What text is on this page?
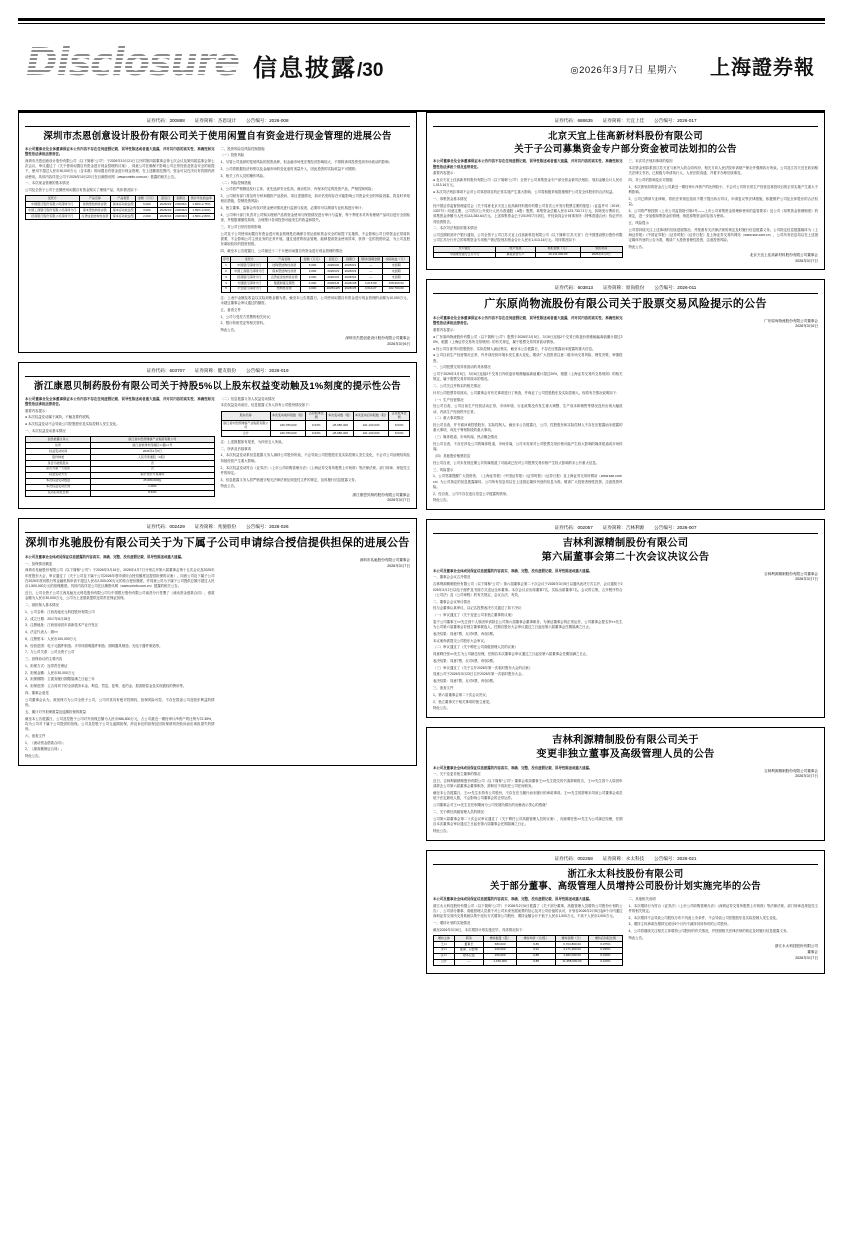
Disclosure 信息披露/30	◎2026年3月7日 星期六 上海證券報
证券代码：300888 证券简称：杰恩设计 公告编号：2026-008
深圳市杰恩创意设计股份有限公司关于使用闲置自有资金进行现金管理的进展公告

本公司董事会及全体董事保证本公告内容不存在任何虚假记载、误导性陈述或者重大遗漏，并对其内容的真实性、准确性和完整性依法承担法律责任。

深圳市杰恩创意设计股份有限公司（以下简称“公司”）于2026年10月21日召开的第四届董事会第七次会议及第四届监事会第七次会议，审议通过了《关于使用闲置自有资金进行现金管理的议案》，同意公司在确保不影响公司正常经营及资金安全的前提下，使用不超过人民币30,000万元（含本数）的闲置自有资金进行现金管理，在上述额度范围内，资金可以在决议有效期内滚动使用。具体内容详见公司于2026年10月22日在巨潮资讯网（www.cninfo.com.cn）披露的相关公告。

一、本次现金管理的基本情况

公司及全资子公司于近期使用闲置自有资金购买了理财产品，具体情况如下：

受托方	产品名称	产品类型	金额（万元）	起息日	到期日	预计年化收益率
中国银行股份有限公司深圳分行	挂钩型结构性存款	保本浮动收益型	5,000	2026/3/2	2026/6/1	1.60%-2.75%
中国工商银行股份有限公司深圳分行	保本型结构性存款	保本浮动收益型	3,000	2026/3/3	2026/6/3	1.55%-2.60%
招商银行股份有限公司深圳分行	点贷成金结构性存款	保本浮动收益型	2,000	2026/3/4	2026/9/4	1.50%-2.80%

二、投资风险及风险控制措施

（一）投资风险

1、尽管公司选择的是低风险的投资品种，但金融市场受宏观经济影响较大，不排除该项投资受到市场波动的影响；

2、公司将根据经济形势以及金融市场的变化适时适量介入，因此投资的实际收益不可预期；

3、相关工作人员的操作风险。

（二）风险控制措施

1、公司将严格筛选发行主体，优先选择安全性高、流动性好、有保本约定的投资产品，严格控制风险；

2、公司财务部门将及时分析和跟踪产品投向、项目进展情况，如评估发现存在可能影响公司资金安全的风险因素，将及时采取相应措施，控制投资风险；

3、独立董事、监事会有权对资金使用情况进行监督与检查，必要时可以聘请专业机构进行审计；

4、公司审计部门负责对公司购买理财产品的资金使用与保管情况进行审计与监督，每个季度末对所有理财产品项目进行全面检查，并根据谨慎性原则，合理预计各项投资可能发生的收益和损失。

三、对公司日常经营的影响

公司及子公司使用闲置自有资金进行现金管理是在确保日常运营和资金安全的前提下实施的，不会影响公司日常资金正常周转需要，不会影响公司主营业务的正常开展。通过适度的现金管理，能够提高资金使用效率，获得一定的投资收益，为公司及股东谋取较好的投资回报。

四、截至本公告披露日，公司最近十二个月使用闲置自有资金进行现金管理的情况

序号	受托方	产品名称	金额（万元）	起息日	到期日	赎回/到期金额	实际收益（元）
1	中国银行深圳分行	挂钩型结构性存款	5,000	2026/3/2	2026/6/1	—	未到期
2	中国工商银行深圳分行	保本型结构性存款	3,000	2026/3/3	2026/6/3	—	未到期
3	招商银行深圳分行	点贷成金结构性存款	2,000	2026/3/4	2026/9/4	—	未到期
4	交通银行深圳分行	蕴通财富定期型	4,000	2026/1/8	2026/3/8	4,015.89	158,900.00
5	平安银行深圳分行	结构性存款	3,000	2025/12/5	2026/3/5	3,010.27	102,700.00

注：上表中金额及收益以实际到账金额为准。截至本公告披露日，公司使用闲置自有资金进行现金管理的余额为10,000万元，未超过董事会审议通过的额度。

五、备查文件

1、公司与受托方签署的相关协议；

2、银行转账凭证等相关资料。

特此公告。

深圳市杰恩创意设计股份有限公司董事会
2026年3月6日
证券代码：603707 证券简称：健友股份 公告编号：2026-019
浙江康恩贝制药股份有限公司关于持股5%以上股东权益变动触及1%刻度的提示性公告

本公司董事会及全体董事保证本公告内容不存在任何虚假记载、误导性陈述或者重大遗漏，并对其内容的真实性、准确性和完整性依法承担法律责任。

重要内容提示：

● 本次权益变动属于减持，不触及要约收购。

● 本次权益变动不会导致公司控股股东及实际控制人发生变化。

一、本次权益变动基本情况

信息披露义务人	浙江省中医药健康产业集团有限公司
住所	浙江省杭州市西湖区××路××号
权益变动时间	2026年3月5日
股份种类	人民币普通股（A股）
是否为控股股东	否
是否为第一大股东	否
权益变动方式	集中竞价交易减持
本次权益变动数量	25,680,000股
本次权益变动比例	1.00%
变动后持股比例	8.63%

（二）信息披露义务人权益变动情况

本次权益变动前后，信息披露义务人持有公司股份情况如下：

股东名称	本次变动前持股数（股）	占总股本比例	本次变动数（股）	本次变动后持股数（股）	占总股本比例
浙江省中医药健康产业集团有限公司	246,780,000	9.63%	-25,680,000	221,100,000	8.63%
合计	246,780,000	9.63%	-25,680,000	221,100,000	8.63%

注：上述数据如有尾差，为四舍五入所致。

二、所涉及后续事项

1、本次权益变动系信息披露义务人减持公司股份所致，不会导致公司控股股东及实际控制人发生变化，不会对公司治理结构及持续经营产生重大影响。

2、本次权益变动符合《证券法》《上市公司收购管理办法》《上海证券交易所股票上市规则》等法律法规、部门规章、规范性文件的规定。

3、信息披露义务人将严格遵守相关法律法规及规范性文件的规定，及时履行信息披露义务。

特此公告。

浙江康恩贝制药股份有限公司董事会
2026年3月7日
证券代码：002429 证券简称：兆驰股份 公告编号：2026-026
深圳市兆驰股份有限公司关于为下属子公司申请综合授信提供担保的进展公告

本公司及董事会全体成员保证信息披露的内容真实、准确、完整，没有虚假记载、误导性陈述或重大遗漏。

一、担保情况概述

深圳市兆驰股份有限公司（以下简称“公司”）于2026年3月16日、2026年4月7日分别召开第六届董事会第十五次会议及2025年年度股东大会，审议通过了《关于公司及下属子公司2026年度申请综合授信额度及提供担保的议案》，同意公司及下属子公司在2026年度向银行等金融机构申请不超过人民币2,000,000万元的综合授信额度，并同意公司为下属子公司提供总额不超过人民币1,500,000万元的担保额度。具体内容详见公司在巨潮资讯网（www.cninfo.com.cn）披露的相关公告。

近日，公司全资子公司江西兆驰光元科技股份有限公司与中国银行股份有限公司南昌分行签署了《流动资金借款合同》，借款金额为人民币30,000万元，公司为上述借款提供连带责任保证担保。

二、被担保人基本情况

1、公司名称：江西兆驰光元科技股份有限公司

2、成立日期：2017年6月28日

3、注册地址：江西省南昌市高新技术产业开发区

4、法定代表人：顾××

5、注册资本：人民币100,000万元

6、经营范围：电子元器件制造；半导体照明器件制造；照明器具制造；光电子器件制造等。

7、与公司关系：公司全资子公司

三、担保协议的主要内容

1、担保方式：连带责任保证

2、担保金额：人民币30,000万元

3、担保期限：主债务履行期限届满之日起三年

4、担保范围：主合同项下的全部债务本金、利息、罚息、复利、违约金、损害赔偿金及实现债权的费用等。

四、董事会意见

公司董事会认为，被担保方为公司全资子公司，公司对其具有绝对控制权，担保风险可控，不存在损害公司及股东利益的情形。

五、累计对外担保数量及逾期担保的数量

截至本公告披露日，公司及控股子公司对外担保总额为人民币986,500万元，占公司最近一期经审计净资产的比例为72.35%，均为公司对下属子公司提供的担保。公司及控股子公司无逾期担保、涉及诉讼的担保及因担保被判决败诉而应承担损失的情形。

六、备查文件

1、《流动资金借款合同》；

2、《最高额保证合同》。

特此公告。

深圳市兆驰股份有限公司董事会
2026年3月7日
证券代码：688635 证券简称：天宜上佳 公告编号：2026-017
北京天宜上佳高新材料股份有限公司
关于子公司募集资金专户部分资金被司法划扣的公告

本公司董事会及全体董事保证本公告内容不存在任何虚假记载、误导性陈述或者重大遗漏，并对其内容的真实性、准确性和完整性依法承担个别及连带责任。

重要内容提示：

● 北京天宜上佳高新材料股份有限公司（以下简称“公司”）全资子公司募集资金专户部分资金被司法划扣，划扣金额合计人民币1,013.16万元。

● 本次司法划扣事项不会对公司募投项目的正常实施产生重大影响，公司将积极采取措施维护公司及全体股东的合法权益。

一、募集资金基本情况

经中国证券监督管理委员会《关于同意北京天宜上佳高新材料股份有限公司首次公开发行股票注册的批复》（证监许可〔2019〕1337号）同意注册，公司首次公开发行人民币普通股（A股）股票，募集资金总额人民币123,733.71万元，扣除发行费用后，募集资金净额为人民币113,283.64万元。上述募集资金已于2019年7月到位，并经致同会计师事务所（特殊普通合伙）验证并出具验资报告。

二、本次司法划扣的基本情况

公司近期收到开户银行通知，公司全资子公司江苏天宜上佳高新科技有限公司（以下简称“江苏天宜”）在中国建设银行股份有限公司江苏分行开立的募集资金专项账户被法院划扣资金合计人民币1,013.16万元。具体情况如下：

开户银行	账户性质	划扣金额（元）	划扣时间
中国建设银行江苏分行	募集资金专户	10,131,600.00	2026年3月3日

三、本次司法划扣事项的原因

本次资金划扣系因江苏天宜与案外人的合同纠纷，相关方向人民法院申请财产保全并强制执行所致。公司及江苏天宜在收到相关法律文书后，已积极与申请执行人、人民法院沟通，并着手办理后续事宜。

四、对公司的影响及应对措施

1、本次被划扣的资金占公司最近一期经审计净资产的比例较小，不会对公司的日常生产经营及募投项目的正常实施产生重大不利影响。

2、公司已聘请专业律师，将依法采取包括但不限于提出执行异议、申请复议等法律措施，积极维护公司及全体股东的合法权益。

3、公司将严格按照《上市公司监管指引第2号——上市公司募集资金管理和使用的监管要求》及公司《募集资金管理制度》的规定，进一步加强募集资金的管理，规范募集资金的存放与使用。

五、风险提示

公司将持续关注上述事项的后续进展情况，并按照有关法律法规的规定及时履行信息披露义务。公司指定信息披露媒体为《上海证券报》《中国证券报》《证券时报》《证券日报》及上海证券交易所网站（www.sse.com.cn），公司所有信息均以在上述指定媒体刊登的公告为准，敬请广大投资者理性投资，注意投资风险。

特此公告。

北京天宜上佳高新材料股份有限公司董事会
2026年3月7日
证券代码：603813 证券简称：原尚股份 公告编号：2026-011
广东原尚物流股份有限公司关于股票交易风险提示的公告

本公司董事会及全体董事保证本公告内容不存在任何虚假记载、误导性陈述或者重大遗漏，并对其内容的真实性、准确性和完整性依法承担法律责任。

重要内容提示：

● 广东原尚物流股份有限公司（以下简称“公司”）股票于2026年3月5日、3月6日连续2个交易日收盘价格涨幅偏离值累计超过20%，根据《上海证券交易所交易规则》的有关规定，属于股票交易异常波动情形。

● 经公司自查并向控股股东、实际控制人函证核实，截至本公告披露日，不存在应披露而未披露的重大信息。

● 公司目前生产经营情况正常，内外部经营环境未发生重大变化。敬请广大投资者注意二级市场交易风险，理性决策，审慎投资。

一、公司股票交易异常波动的具体情况

公司于2026年3月5日、3月6日连续2个交易日内收盘价格涨幅偏离值累计超过20%，根据《上海证券交易所交易规则》的相关规定，属于股票交易异常波动的情况。

二、公司关注并核实的相关情况

针对公司股票异常波动，公司董事会对有关事项进行了核查，并询证了公司控股股东及实际控制人，现将有关情况说明如下：

（一）生产经营情况

经公司自查，公司目前生产经营活动正常，市场环境、行业政策没有发生重大调整、生产成本和销售等情况没有出现大幅波动、内部生产经营秩序正常。

（二）重大事项情况

经公司自查，并书面问询控股股东、实际控制人，截至本公告披露日，公司、控股股东和实际控制人不存在应披露而未披露的重大事项，或处于筹划阶段的重大事项。

（三）媒体报道、市场传闻、热点概念情况

经公司自查，不存在涉及公司的媒体报道、市场传闻，公司未发现对公司股票交易价格可能产生较大影响的媒体报道或市场传闻。

（四）其他股价敏感信息

经公司自查，公司未发现近期公共传媒报道了可能或已经对公司股票交易价格产生较大影响的未公开重大信息。

三、风险提示

1、公司郑重提醒广大投资者，《上海证券报》《中国证券报》《证券时报》《证券日报》及上海证券交易所网站（www.sse.com.cn）为公司指定的信息披露媒体，公司所有信息均以在上述指定媒体刊登的信息为准。敬请广大投资者理性投资，注意投资风险。

2、经自查，公司不存在违反信息公平披露的情形。

特此公告。

广东原尚物流股份有限公司董事会
2026年3月6日
证券代码：002057 证券简称：吉林利源 公告编号：2026-007
吉林利源精制股份有限公司
第六届董事会第二十次会议决议公告

本公司及董事会全体成员保证信息披露的内容真实、准确、完整，没有虚假记载、误导性陈述或重大遗漏。

一、董事会会议召开情况

吉林利源精制股份有限公司（以下简称“公司”）第六届董事会第二十次会议于2026年3月5日以通讯表决方式召开，会议通知于2026年3月2日以电子邮件及书面方式送达全体董事。本次会议应出席董事7名，实际出席董事7名。会议的召集、召开程序符合《公司法》及《公司章程》的有关规定，会议合法、有效。

二、董事会会议审议情况

经与会董事认真审议，以记名投票表决方式通过了如下决议：

（一）审议通过了《关于变更公司非独立董事的议案》

鉴于公司董事王××先生因个人原因申请辞去公司第六届董事会董事职务，为保证董事会的正常运作，公司董事会提名李××先生为公司第六届董事会非独立董事候选人，任期自股东大会审议通过之日起至第六届董事会任期届满之日止。

表决结果：同意7票，反对0票，弃权0票。

本议案尚需提交公司股东大会审议。

（二）审议通过了《关于聘任公司高级管理人员的议案》

同意聘任张××先生为公司副总经理，任期自本次董事会审议通过之日起至第六届董事会任期届满之日止。

表决结果：同意7票，反对0票，弃权0票。

（三）审议通过了《关于召开2026年第一次临时股东大会的议案》

同意公司于2026年3月23日召开2026年第一次临时股东大会。

表决结果：同意7票，反对0票，弃权0票。

三、备查文件

1、第六届董事会第二十次会议决议；

2、独立董事关于相关事项的独立意见。

特此公告。

吉林利源精制股份有限公司董事会
2026年3月7日
吉林利源精制股份有限公司关于
变更非独立董事及高级管理人员的公告

本公司及董事会全体成员保证信息披露的内容真实、准确、完整，没有虚假记载、误导性陈述或重大遗漏。

一、关于变更非独立董事的情况

近日，吉林利源精制股份有限公司（以下简称“公司”）董事会收到董事王××先生提交的书面辞职报告，王××先生因个人原因申请辞去公司第六届董事会董事职务，辞职后不再担任公司任何职务。

截至本公告披露日，王××先生未持有公司股份，不存在应当履行而未履行的承诺事项。王××先生的辞职未导致公司董事会成员低于法定最低人数，不会影响公司董事会的正常运作。

公司董事会对王××先生在任职期间为公司发展所做出的贡献表示衷心的感谢！

二、关于聘任高级管理人员的情况

公司第六届董事会第二十次会议审议通过了《关于聘任公司高级管理人员的议案》，同意聘任张××先生为公司副总经理，任期自本次董事会审议通过之日起至第六届董事会任期届满之日止。

特此公告。

吉林利源精制股份有限公司董事会
2026年3月7日
证券代码：002268 证券简称：永太科技 公告编号：2026-021
浙江永太科技股份有限公司
关于部分董事、高级管理人员增持公司股份计划实施完毕的公告

本公司及董事会全体成员保证信息披露的内容真实、准确、完整，没有虚假记载、误导性陈述或重大遗漏。

浙江永太科技股份有限公司（以下简称“公司”）于2026年2月6日披露了《关于部分董事、高级管理人员增持公司股份计划的公告》，公司部分董事、高级管理人员基于对公司未来发展前景的信心及对公司价值的认可，计划自2026年2月5日起6个月内通过深圳证券交易所交易系统以集中竞价方式增持公司股份，增持金额合计不低于人民币1,000万元，不高于人民币2,000万元。

一、增持计划的实施情况

截至2026年3月6日，本次增持计划实施完毕，具体情况如下：

增持主体	职务	增持数量（股）	增持均价（元/股）	增持金额（元）	增持后持股比例
王××	董事长	680,000	9.86	6,704,800.00	0.075%
李××	董事、总经理	320,000	9.91	3,171,200.00	0.035%
张××	财务总监	150,000	9.88	1,482,000.00	0.016%
合计	—	1,150,000	9.88	11,358,000.00	0.126%

二、其他相关说明

1、本次增持行为符合《证券法》《上市公司收购管理办法》《深圳证券交易所股票上市规则》等法律法规、部门规章及规范性文件的相关规定。

2、本次增持不会导致公司股权分布不具备上市条件，不会导致公司控股股东及实际控制人发生变化。

3、增持主体承诺在增持完成后6个月内不减持其所持有的公司股份。

4、公司将继续关注相关主体增持公司股份的有关情况，并按照相关法律法规的规定及时履行信息披露义务。

特此公告。

浙江永太科技股份有限公司
董事会
2026年3月7日
